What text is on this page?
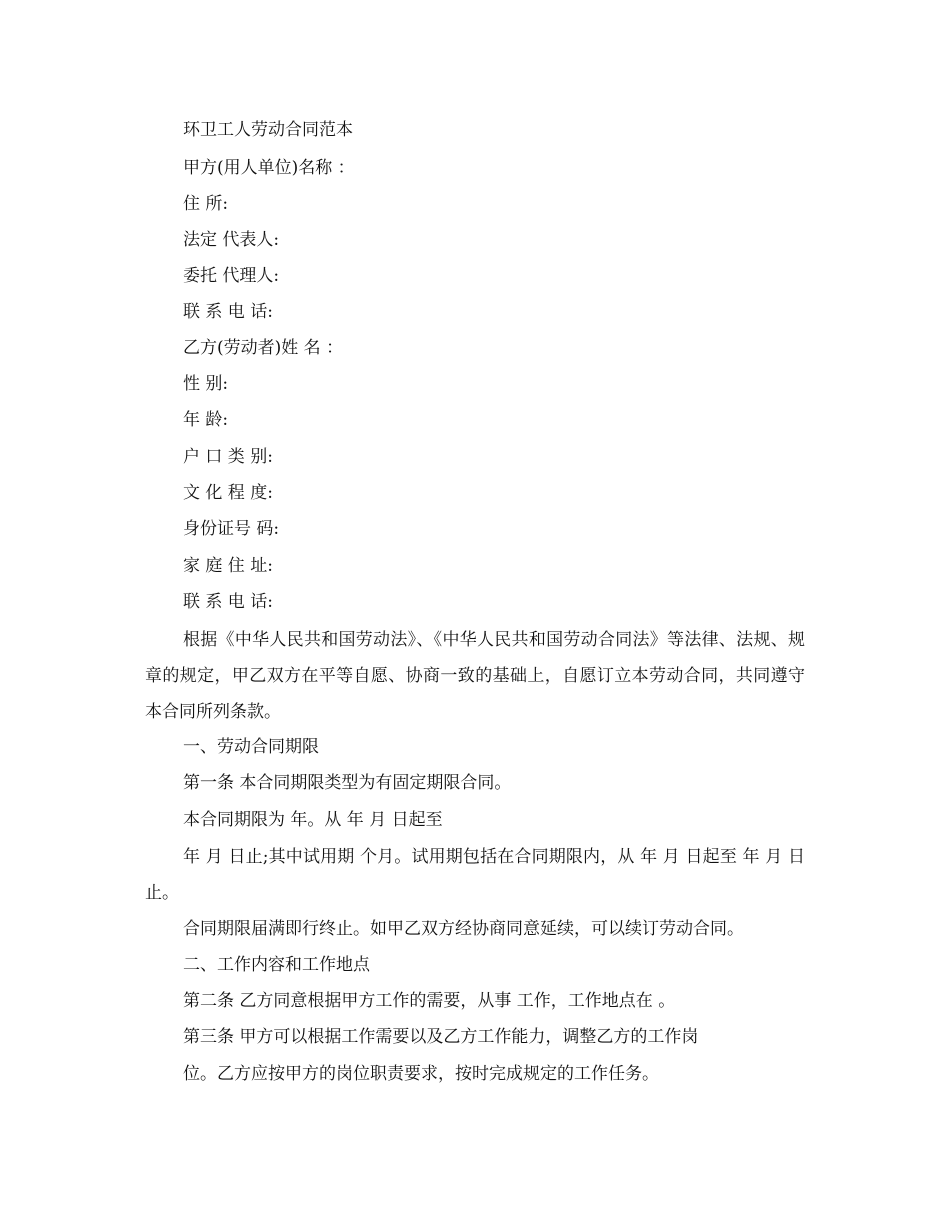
环卫工人劳动合同范本
甲方(用人单位)名称 ：
住 所:
法定 代表人:
委托 代理人:
联 系 电 话:
乙方(劳动者)姓 名 ：
性 别:
年 龄:
户 口 类 别:
文 化 程 度:
身份证号 码:
家 庭 住 址:
联 系 电 话:
根据《中华人民共和国劳动法》、《中华人民共和国劳动合同法》等法律、法规、规章的规定，甲乙双方在平等自愿、协商一致的基础上，自愿订立本劳动合同，共同遵守本合同所列条款。
一、劳动合同期限
第一条 本合同期限类型为有固定期限合同。
本合同期限为 年。从 年 月 日起至
年 月 日止;其中试用期 个月。试用期包括在合同期限内，从 年 月 日起至 年 月 日止。
合同期限届满即行终止。如甲乙双方经协商同意延续，可以续订劳动合同。
二、工作内容和工作地点
第二条 乙方同意根据甲方工作的需要，从事 工作，工作地点在 。
第三条 甲方可以根据工作需要以及乙方工作能力，调整乙方的工作岗
位。乙方应按甲方的岗位职责要求，按时完成规定的工作任务。
